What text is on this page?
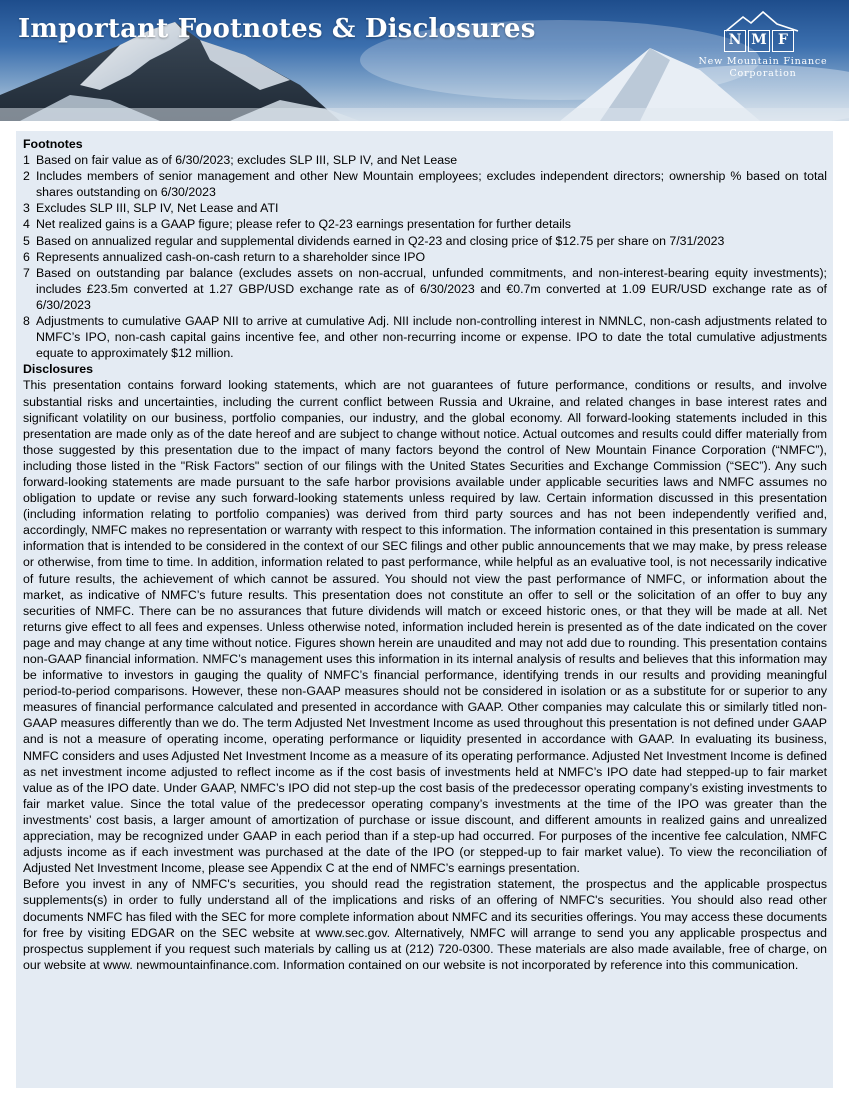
Important Footnotes & Disclosures	N M F
New Mountain Finance
Corporation
Footnotes
1 Based on fair value as of 6/30/2023; excludes SLP III, SLP IV, and Net Lease
2 Includes members of senior management and other New Mountain employees; excludes independent directors; ownership % based on total shares outstanding on 6/30/2023
3 Excludes SLP III, SLP IV, Net Lease and ATI
4 Net realized gains is a GAAP figure; please refer to Q2-23 earnings presentation for further details
5 Based on annualized regular and supplemental dividends earned in Q2-23 and closing price of $12.75 per share on 7/31/2023
6 Represents annualized cash-on-cash return to a shareholder since IPO
7 Based on outstanding par balance (excludes assets on non-accrual, unfunded commitments, and non-interest-bearing equity investments); includes £23.5m converted at 1.27 GBP/USD exchange rate as of 6/30/2023 and €0.7m converted at 1.09 EUR/USD exchange rate as of 6/30/2023
8 Adjustments to cumulative GAAP NII to arrive at cumulative Adj. NII include non-controlling interest in NMNLC, non-cash adjustments related to NMFC’s IPO, non-cash capital gains incentive fee, and other non-recurring income or expense. IPO to date the total cumulative adjustments equate to approximately $12 million.
Disclosures

This presentation contains forward looking statements, which are not guarantees of future performance, conditions or results, and involve substantial risks and uncertainties, including the current conflict between Russia and Ukraine, and related changes in base interest rates and significant volatility on our business, portfolio companies, our industry, and the global economy. All forward-looking statements included in this presentation are made only as of the date hereof and are subject to change without notice. Actual outcomes and results could differ materially from those suggested by this presentation due to the impact of many factors beyond the control of New Mountain Finance Corporation (“NMFC”), including those listed in the "Risk Factors" section of our filings with the United States Securities and Exchange Commission (“SEC”). Any such forward-looking statements are made pursuant to the safe harbor provisions available under applicable securities laws and NMFC assumes no obligation to update or revise any such forward-looking statements unless required by law. Certain information discussed in this presentation (including information relating to portfolio companies) was derived from third party sources and has not been independently verified and, accordingly, NMFC makes no representation or warranty with respect to this information. The information contained in this presentation is summary information that is intended to be considered in the context of our SEC filings and other public announcements that we may make, by press release or otherwise, from time to time. In addition, information related to past performance, while helpful as an evaluative tool, is not necessarily indicative of future results, the achievement of which cannot be assured. You should not view the past performance of NMFC, or information about the market, as indicative of NMFC’s future results. This presentation does not constitute an offer to sell or the solicitation of an offer to buy any securities of NMFC. There can be no assurances that future dividends will match or exceed historic ones, or that they will be made at all. Net returns give effect to all fees and expenses. Unless otherwise noted, information included herein is presented as of the date indicated on the cover page and may change at any time without notice. Figures shown herein are unaudited and may not add due to rounding. This presentation contains non-GAAP financial information. NMFC’s management uses this information in its internal analysis of results and believes that this information may be informative to investors in gauging the quality of NMFC’s financial performance, identifying trends in our results and providing meaningful period-to-period comparisons. However, these non-GAAP measures should not be considered in isolation or as a substitute for or superior to any measures of financial performance calculated and presented in accordance with GAAP. Other companies may calculate this or similarly titled non-GAAP measures differently than we do. The term Adjusted Net Investment Income as used throughout this presentation is not defined under GAAP and is not a measure of operating income, operating performance or liquidity presented in accordance with GAAP. In evaluating its business, NMFC considers and uses Adjusted Net Investment Income as a measure of its operating performance. Adjusted Net Investment Income is defined as net investment income adjusted to reflect income as if the cost basis of investments held at NMFC’s IPO date had stepped-up to fair market value as of the IPO date. Under GAAP, NMFC’s IPO did not step-up the cost basis of the predecessor operating company’s existing investments to fair market value. Since the total value of the predecessor operating company’s investments at the time of the IPO was greater than the investments’ cost basis, a larger amount of amortization of purchase or issue discount, and different amounts in realized gains and unrealized appreciation, may be recognized under GAAP in each period than if a step-up had occurred. For purposes of the incentive fee calculation, NMFC adjusts income as if each investment was purchased at the date of the IPO (or stepped-up to fair market value). To view the reconciliation of Adjusted Net Investment Income, please see Appendix C at the end of NMFC’s earnings presentation.

Before you invest in any of NMFC's securities, you should read the registration statement, the prospectus and the applicable prospectus supplements(s) in order to fully understand all of the implications and risks of an offering of NMFC's securities. You should also read other documents NMFC has filed with the SEC for more complete information about NMFC and its securities offerings. You may access these documents for free by visiting EDGAR on the SEC website at www.sec.gov. Alternatively, NMFC will arrange to send you any applicable prospectus and prospectus supplement if you request such materials by calling us at (212) 720-0300. These materials are also made available, free of charge, on our website at www. newmountainfinance.com. Information contained on our website is not incorporated by reference into this communication.
